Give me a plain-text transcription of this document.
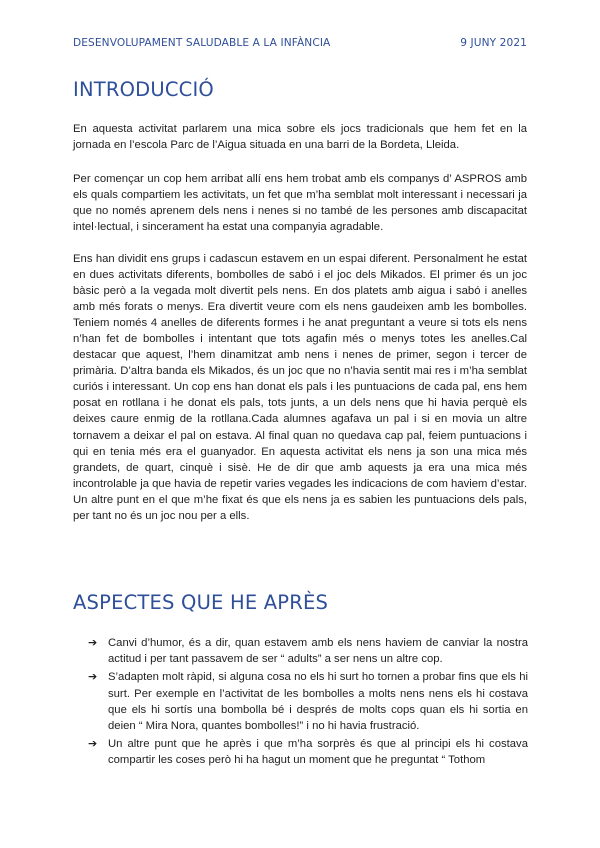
DESENVOLUPAMENT SALUDABLE A LA INFÀNCIA	9 JUNY 2021
INTRODUCCIÓ

En aquesta activitat parlarem una mica sobre els jocs tradicionals que hem fet en la jornada en l’escola Parc de l’Aigua situada en una barri de la Bordeta, Lleida.

Per començar un cop hem arribat allí ens hem trobat amb els companys d’ ASPROS amb els quals compartiem les activitats, un fet que m’ha semblat molt interessant i necessari ja que no només aprenem dels nens i nenes si no també de les persones amb discapacitat intel·lectual, i sincerament ha estat una companyia agradable.

Ens han dividit ens grups i cadascun estavem en un espai diferent. Personalment he estat en dues activitats diferents, bombolles de sabó i el joc dels Mikados. El primer és un joc bàsic però a la vegada molt divertit pels nens. En dos platets amb aigua i sabó i anelles amb més forats o menys. Era divertit veure com els nens gaudeixen amb les bombolles. Teniem només 4 anelles de diferents formes i he anat preguntant a veure si tots els nens n’han fet de bombolles i intentant que tots agafin més o menys totes les anelles.Cal destacar que aquest, l’hem dinamitzat amb nens i nenes de primer, segon i tercer de primària. D’altra banda els Mikados, és un joc que no n’havia sentit mai res i m’ha semblat curiós i interessant. Un cop ens han donat els pals i les puntuacions de cada pal, ens hem posat en rotllana i he donat els pals, tots junts, a un dels nens que hi havia perquè els deixes caure enmig de la rotllana.Cada alumnes agafava un pal i si en movia un altre tornavem a deixar el pal on estava. Al final quan no quedava cap pal, feiem puntuacions i qui en tenia més era el guanyador. En aquesta activitat els nens ja son una mica més grandets, de quart, cinquè i sisè. He de dir que amb aquests ja era una mica més incontrolable ja que havia de repetir varies vegades les indicacions de com haviem d’estar. Un altre punt en el que m’he fixat és que els nens ja es sabien les puntuacions dels pals, per tant no és un joc nou per a ells.

ASPECTES QUE HE APRÈS
➔ Canvi d’humor, és a dir, quan estavem amb els nens haviem de canviar la nostra actitud i per tant passavem de ser “ adults” a ser nens un altre cop.
➔ S’adapten molt ràpid, si alguna cosa no els hi surt ho tornen a probar fins que els hi surt. Per exemple en l’activitat de les bombolles a molts nens nens els hi costava que els hi sortís una bombolla bé i després de molts cops quan els hi sortia en deien “ Mira Nora, quantes bombolles!” i no hi havia frustració.
➔ Un altre punt que he après i que m’ha sorprès és que al principi els hi costava compartir les coses però hi ha hagut un moment que he preguntat “ Tothom
